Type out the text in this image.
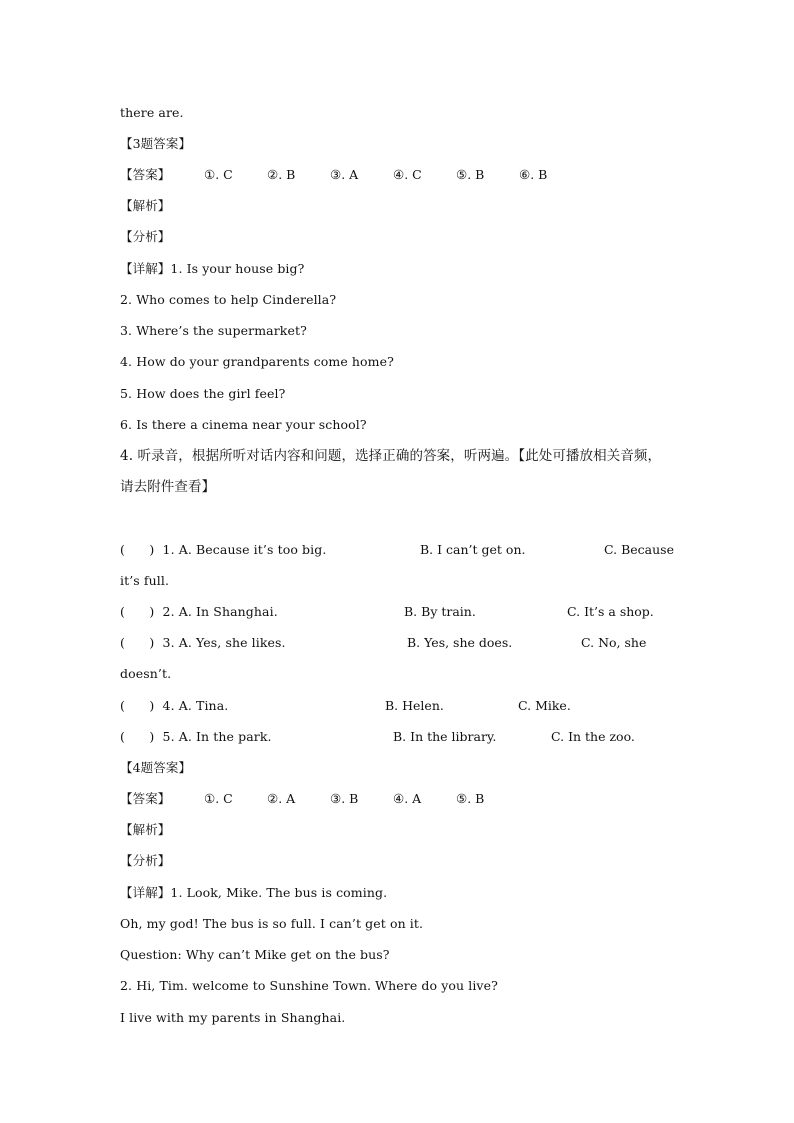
there are.
【3题答案】
【答案】	①. C	②. B	③. A	④. C	⑤. B	⑥. B
【解析】
【分析】
【详解】1. Is your house big?
2. Who comes to help Cinderella?
3. Where’s the supermarket?
4. How do your grandparents come home?
5. How does the girl feel?
6. Is there a cinema near your school?
4. 听录音，根据所听对话内容和问题，选择正确的答案，听两遍。【此处可播放相关音频，
请去附件查看】
(      )  1. A. Because it’s too big.	B. I can’t get on.	C. Because
it’s full.
(      )  2. A. In Shanghai.	B. By train.	C. It’s a shop.
(      )  3. A. Yes, she likes.	B. Yes, she does.	C. No, she
doesn’t.
(      )  4. A. Tina.	B. Helen.	C. Mike.
(      )  5. A. In the park.	B. In the library.	C. In the zoo.
【4题答案】
【答案】	①. C	②. A	③. B	④. A	⑤. B
【解析】
【分析】
【详解】1. Look, Mike. The bus is coming.
Oh, my god! The bus is so full. I can’t get on it.
Question: Why can’t Mike get on the bus?
2. Hi, Tim. welcome to Sunshine Town. Where do you live?
I live with my parents in Shanghai.
